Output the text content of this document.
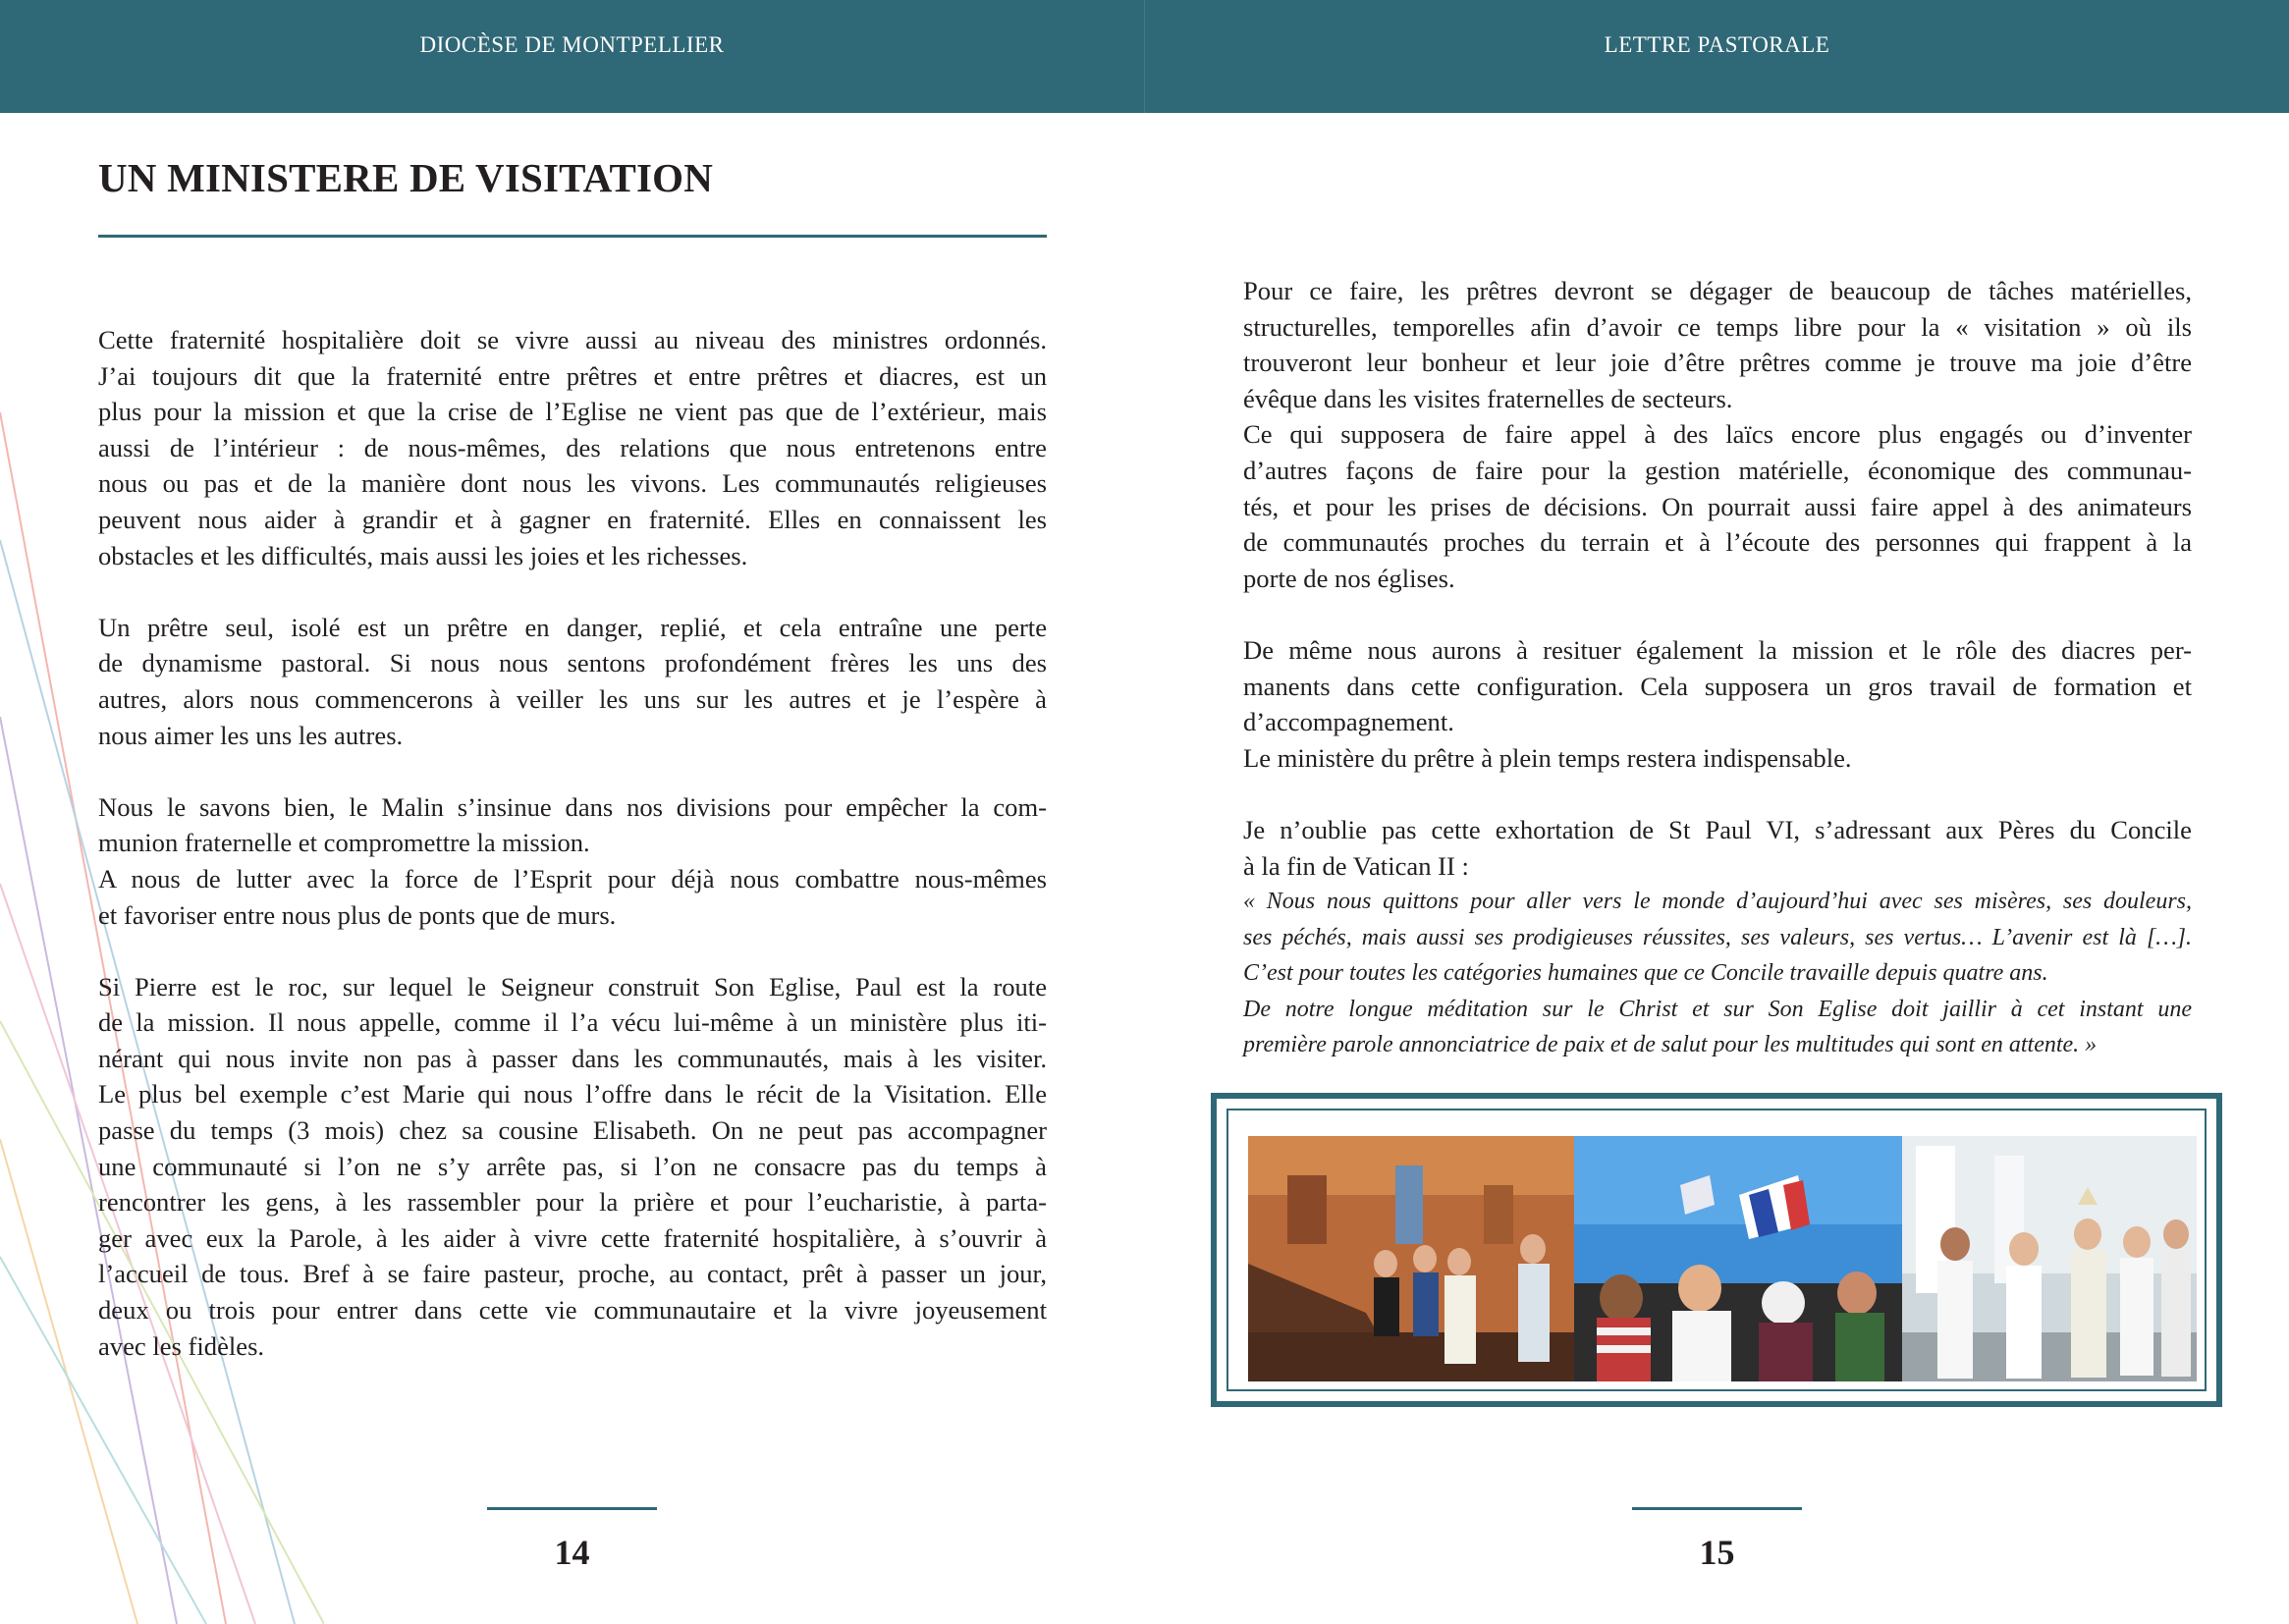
DIOCÈSE DE MONTPELLIER	LETTRE PASTORALE
UN MINISTERE DE VISITATION

Cette fraternité hospitalière doit se vivre aussi au niveau des ministres ordonnés.
J’ai toujours dit que la fraternité entre prêtres et entre prêtres et diacres, est un
plus pour la mission et que la crise de l’Eglise ne vient pas que de l’extérieur, mais
aussi de l’intérieur : de nous-mêmes, des relations que nous entretenons entre
nous ou pas et de la manière dont nous les vivons. Les communautés religieuses
peuvent nous aider à grandir et à gagner en fraternité. Elles en connaissent les
obstacles et les difficultés, mais aussi les joies et les richesses.

Un prêtre seul, isolé est un prêtre en danger, replié, et cela entraîne une perte
de dynamisme pastoral. Si nous nous sentons profondément frères les uns des
autres, alors nous commencerons à veiller les uns sur les autres et je l’espère à
nous aimer les uns les autres.

Nous le savons bien, le Malin s’insinue dans nos divisions pour empêcher la com-
munion fraternelle et compromettre la mission.

A nous de lutter avec la force de l’Esprit pour déjà nous combattre nous-mêmes
et favoriser entre nous plus de ponts que de murs.

Si Pierre est le roc, sur lequel le Seigneur construit Son Eglise, Paul est la route
de la mission. Il nous appelle, comme il l’a vécu lui-même à un ministère plus iti-
nérant qui nous invite non pas à passer dans les communautés, mais à les visiter.
Le plus bel exemple c’est Marie qui nous l’offre dans le récit de la Visitation. Elle
passe du temps (3 mois) chez sa cousine Elisabeth. On ne peut pas accompagner
une communauté si l’on ne s’y arrête pas, si l’on ne consacre pas du temps à
rencontrer les gens, à les rassembler pour la prière et pour l’eucharistie, à parta-
ger avec eux la Parole, à les aider à vivre cette fraternité hospitalière, à s’ouvrir à
l’accueil de tous. Bref à se faire pasteur, proche, au contact, prêt à passer un jour,
deux ou trois pour entrer dans cette vie communautaire et la vivre joyeusement
avec les fidèles.

Pour ce faire, les prêtres devront se dégager de beaucoup de tâches matérielles,
structurelles, temporelles afin d’avoir ce temps libre pour la « visitation » où ils
trouveront leur bonheur et leur joie d’être prêtres comme je trouve ma joie d’être
évêque dans les visites fraternelles de secteurs.

Ce qui supposera de faire appel à des laïcs encore plus engagés ou d’inventer
d’autres façons de faire pour la gestion matérielle, économique des communau-
tés, et pour les prises de décisions. On pourrait aussi faire appel à des animateurs
de communautés proches du terrain et à l’écoute des personnes qui frappent à la
porte de nos églises.

De même nous aurons à resituer également la mission et le rôle des diacres per-
manents dans cette configuration. Cela supposera un gros travail de formation et
d’accompagnement.

Le ministère du prêtre à plein temps restera indispensable.

Je n’oublie pas cette exhortation de St Paul VI, s’adressant aux Pères du Concile
à la fin de Vatican II :

« Nous nous quittons pour aller vers le monde d’aujourd’hui avec ses misères, ses douleurs,
ses péchés, mais aussi ses prodigieuses réussites, ses valeurs, ses vertus… L’avenir est là […].
C’est pour toutes les catégories humaines que ce Concile travaille depuis quatre ans.
De notre longue méditation sur le Christ et sur Son Eglise doit jaillir à cet instant une
première parole annonciatrice de paix et de salut pour les multitudes qui sont en attente. »

14	15
